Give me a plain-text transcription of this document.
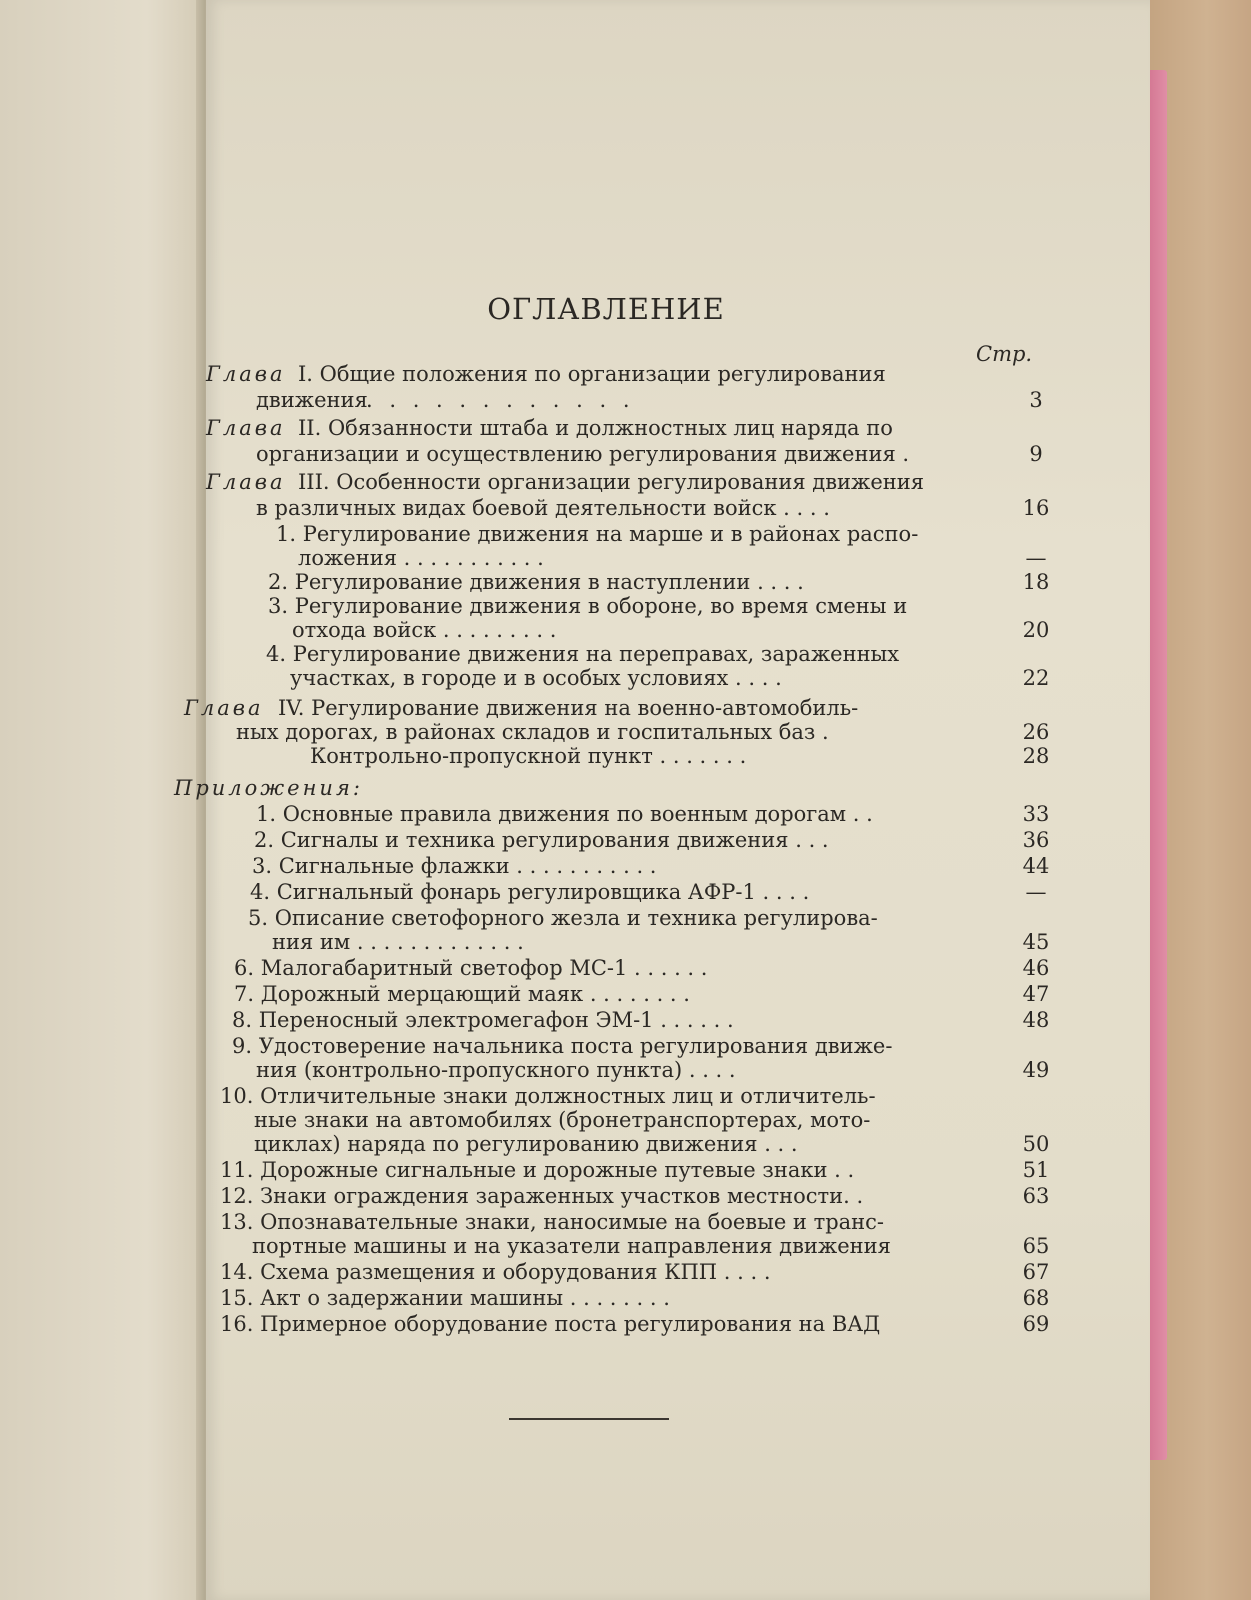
ОГЛАВЛЕНИЕ
Стр.
Глава I. Общие положения по организации регулирования
движения
. . . . . . . . . . . .	3
Глава II. Обязанности штаба и должностных лиц наряда по
организации и осуществлению регулирования движения .	9
Глава III. Особенности организации регулирования движения
в различных видах боевой деятельности войск . . . .	16
1. Регулирование движения на марше и в районах распо-
ложения . . . . . . . . . . .	—
2. Регулирование движения в наступлении . . . .	18
3. Регулирование движения в обороне, во время смены и
отхода войск . . . . . . . . .	20
4. Регулирование движения на переправах, зараженных
участках, в городе и в особых условиях . . . .	22
Глава IV. Регулирование движения на военно-автомобиль-
ных дорогах, в районах складов и госпитальных баз .	26
Контрольно-пропускной пункт . . . . . . .	28
Приложения:
1. Основные правила движения по военным дорогам . .	33
2. Сигналы и техника регулирования движения . . .	36
3. Сигнальные флажки . . . . . . . . . . .	44
4. Сигнальный фонарь регулировщика АФР-1 . . . .	—
5. Описание светофорного жезла и техника регулирова-
ния им . . . . . . . . . . . . .	45
6. Малогабаритный светофор МС-1 . . . . . .	46
7. Дорожный мерцающий маяк . . . . . . . .	47
8. Переносный электромегафон ЭМ-1 . . . . . .	48
9. Удостоверение начальника поста регулирования движе-
ния (контрольно-пропускного пункта) . . . .	49
10. Отличительные знаки должностных лиц и отличитель-
ные знаки на автомобилях (бронетранспортерах, мото-
циклах) наряда по регулированию движения . . .	50
11. Дорожные сигнальные и дорожные путевые знаки . .	51
12. Знаки ограждения зараженных участков местности. .	63
13. Опознавательные знаки, наносимые на боевые и транс-
портные машины и на указатели направления движения	65
14. Схема размещения и оборудования КПП . . . .	67
15. Акт о задержании машины . . . . . . . .	68
16. Примерное оборудование поста регулирования на ВАД	69
